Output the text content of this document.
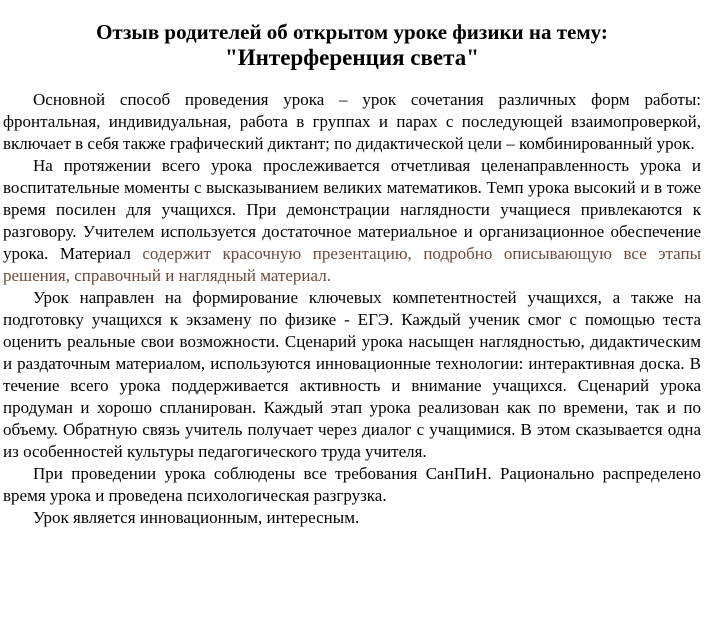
Отзыв родителей об открытом уроке физики на тему:
"Интерференция света"

Основной способ проведения урока – урок сочетания различных форм работы: фронтальная, индивидуальная, работа в группах и парах с последующей взаимопроверкой, включает в себя также графический диктант; по дидактической цели – комбинированный урок.

На протяжении всего урока прослеживается отчетливая целенаправленность урока и воспитательные моменты с высказыванием великих математиков. Темп урока высокий и в тоже время посилен для учащихся. При демонстрации наглядности учащиеся привлекаются к разговору. Учителем используется достаточное материальное и организационное обеспечение урока. Материал содержит красочную презентацию, подробно описывающую все этапы решения, справочный и наглядный материал.

Урок направлен на формирование ключевых компетентностей учащихся, а также на подготовку учащихся к экзамену по физике - ЕГЭ. Каждый ученик смог с помощью теста оценить реальные свои возможности. Сценарий урока насыщен наглядностью, дидактическим и раздаточным материалом, используются инновационные технологии: интерактивная доска. В течение всего урока поддерживается активность и внимание учащихся. Сценарий урока продуман и хорошо спланирован. Каждый этап урока реализован как по времени, так и по объему. Обратную связь учитель получает через диалог с учащимися. В этом сказывается одна из особенностей культуры педагогического труда учителя.

При проведении урока соблюдены все требования СанПиН. Рационально распределено время урока и проведена психологическая разгрузка.

Урок является инновационным, интересным.
